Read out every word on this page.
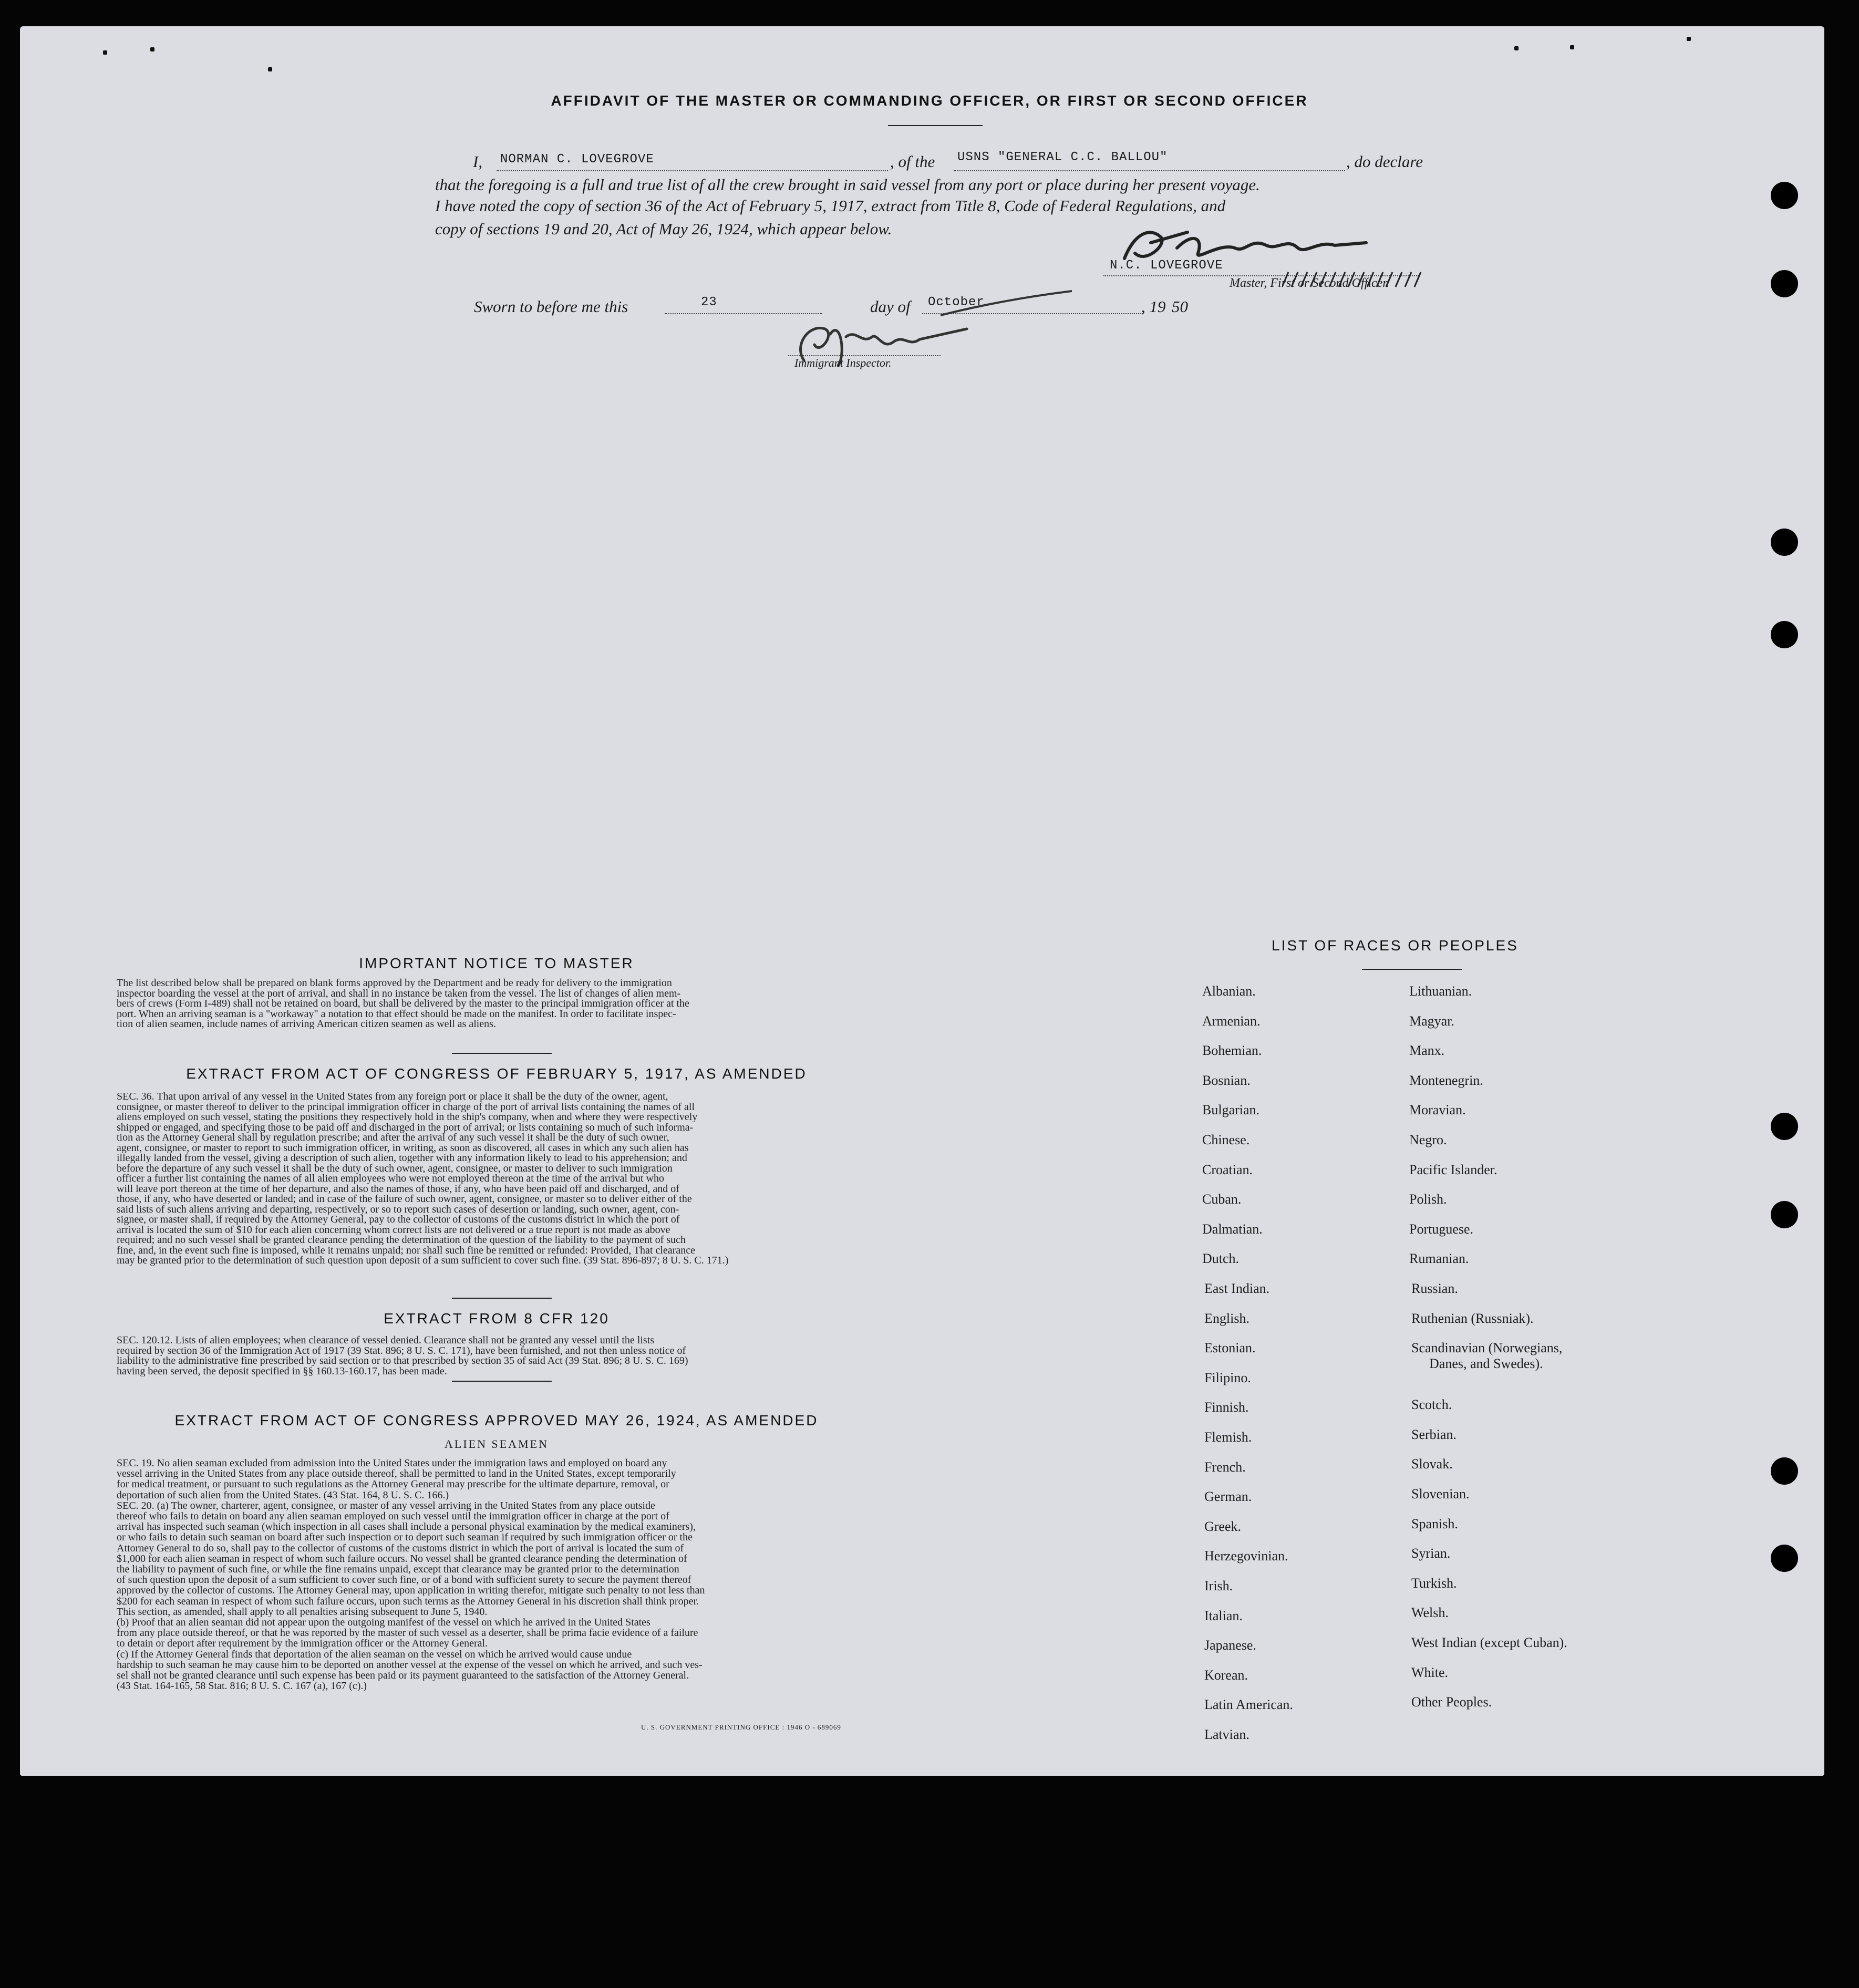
AFFIDAVIT OF THE MASTER OR COMMANDING OFFICER, OR FIRST OR SECOND OFFICER
I, NORMAN C. LOVEGROVE	, of the USNS "GENERAL C.C. BALLOU"	, do declare
that the foregoing is a full and true list of all the crew brought in said vessel from any port or place during her present voyage.
I have noted the copy of section 36 of the Act of February 5, 1917, extract from Title 8, Code of Federal Regulations, and
copy of sections 19 and 20, Act of May 26, 1924, which appear below.
N.C. LOVEGROVE
Master, First or Second Officer.
Sworn to before me this	23	day of October	, 19 50
Immigrant Inspector.
IMPORTANT NOTICE TO MASTER
The list described below shall be prepared on blank forms approved by the Department and be ready for delivery to the immigration
inspector boarding the vessel at the port of arrival, and shall in no instance be taken from the vessel. The list of changes of alien mem-
bers of crews (Form I-489) shall not be retained on board, but shall be delivered by the master to the principal immigration officer at the
port. When an arriving seaman is a "workaway" a notation to that effect should be made on the manifest. In order to facilitate inspec-
tion of alien seamen, include names of arriving American citizen seamen as well as aliens.
EXTRACT FROM ACT OF CONGRESS OF FEBRUARY 5, 1917, AS AMENDED
SEC. 36. That upon arrival of any vessel in the United States from any foreign port or place it shall be the duty of the owner, agent,
consignee, or master thereof to deliver to the principal immigration officer in charge of the port of arrival lists containing the names of all
aliens employed on such vessel, stating the positions they respectively hold in the ship's company, when and where they were respectively
shipped or engaged, and specifying those to be paid off and discharged in the port of arrival; or lists containing so much of such informa-
tion as the Attorney General shall by regulation prescribe; and after the arrival of any such vessel it shall be the duty of such owner,
agent, consignee, or master to report to such immigration officer, in writing, as soon as discovered, all cases in which any such alien has
illegally landed from the vessel, giving a description of such alien, together with any information likely to lead to his apprehension; and
before the departure of any such vessel it shall be the duty of such owner, agent, consignee, or master to deliver to such immigration
officer a further list containing the names of all alien employees who were not employed thereon at the time of the arrival but who
will leave port thereon at the time of her departure, and also the names of those, if any, who have been paid off and discharged, and of
those, if any, who have deserted or landed; and in case of the failure of such owner, agent, consignee, or master so to deliver either of the
said lists of such aliens arriving and departing, respectively, or so to report such cases of desertion or landing, such owner, agent, con-
signee, or master shall, if required by the Attorney General, pay to the collector of customs of the customs district in which the port of
arrival is located the sum of $10 for each alien concerning whom correct lists are not delivered or a true report is not made as above
required; and no such vessel shall be granted clearance pending the determination of the question of the liability to the payment of such
fine, and, in the event such fine is imposed, while it remains unpaid; nor shall such fine be remitted or refunded: Provided, That clearance
may be granted prior to the determination of such question upon deposit of a sum sufficient to cover such fine. (39 Stat. 896-897; 8 U. S. C. 171.)
EXTRACT FROM 8 CFR 120
SEC. 120.12. Lists of alien employees; when clearance of vessel denied. Clearance shall not be granted any vessel until the lists
required by section 36 of the Immigration Act of 1917 (39 Stat. 896; 8 U. S. C. 171), have been furnished, and not then unless notice of
liability to the administrative fine prescribed by said section or to that prescribed by section 35 of said Act (39 Stat. 896; 8 U. S. C. 169)
having been served, the deposit specified in §§ 160.13-160.17, has been made.
EXTRACT FROM ACT OF CONGRESS APPROVED MAY 26, 1924, AS AMENDED
ALIEN SEAMEN
SEC. 19. No alien seaman excluded from admission into the United States under the immigration laws and employed on board any
vessel arriving in the United States from any place outside thereof, shall be permitted to land in the United States, except temporarily
for medical treatment, or pursuant to such regulations as the Attorney General may prescribe for the ultimate departure, removal, or
deportation of such alien from the United States. (43 Stat. 164, 8 U. S. C. 166.)
SEC. 20. (a) The owner, charterer, agent, consignee, or master of any vessel arriving in the United States from any place outside
thereof who fails to detain on board any alien seaman employed on such vessel until the immigration officer in charge at the port of
arrival has inspected such seaman (which inspection in all cases shall include a personal physical examination by the medical examiners),
or who fails to detain such seaman on board after such inspection or to deport such seaman if required by such immigration officer or the
Attorney General to do so, shall pay to the collector of customs of the customs district in which the port of arrival is located the sum of
$1,000 for each alien seaman in respect of whom such failure occurs. No vessel shall be granted clearance pending the determination of
the liability to payment of such fine, or while the fine remains unpaid, except that clearance may be granted prior to the determination
of such question upon the deposit of a sum sufficient to cover such fine, or of a bond with sufficient surety to secure the payment thereof
approved by the collector of customs. The Attorney General may, upon application in writing therefor, mitigate such penalty to not less than
$200 for each seaman in respect of whom such failure occurs, upon such terms as the Attorney General in his discretion shall think proper.
This section, as amended, shall apply to all penalties arising subsequent to June 5, 1940.
(b) Proof that an alien seaman did not appear upon the outgoing manifest of the vessel on which he arrived in the United States
from any place outside thereof, or that he was reported by the master of such vessel as a deserter, shall be prima facie evidence of a failure
to detain or deport after requirement by the immigration officer or the Attorney General.
(c) If the Attorney General finds that deportation of the alien seaman on the vessel on which he arrived would cause undue
hardship to such seaman he may cause him to be deported on another vessel at the expense of the vessel on which he arrived, and such ves-
sel shall not be granted clearance until such expense has been paid or its payment guaranteed to the satisfaction of the Attorney General.
(43 Stat. 164-165, 58 Stat. 816; 8 U. S. C. 167 (a), 167 (c).)
U. S. GOVERNMENT PRINTING OFFICE : 1946 O - 689069
LIST OF RACES OR PEOPLES
Albanian.
Armenian.
Bohemian.
Bosnian.
Bulgarian.
Chinese.
Croatian.
Cuban.
Dalmatian.
Dutch.
East Indian.
English.
Estonian.
Filipino.
Finnish.
Flemish.
French.
German.
Greek.
Herzegovinian.
Irish.
Italian.
Japanese.
Korean.
Latin American.
Latvian.
Lithuanian.
Magyar.
Manx.
Montenegrin.
Moravian.
Negro.
Pacific Islander.
Polish.
Portuguese.
Rumanian.
Russian.
Ruthenian (Russniak).
Scandinavian (Norwegians,
Danes, and Swedes).
Scotch.
Serbian.
Slovak.
Slovenian.
Spanish.
Syrian.
Turkish.
Welsh.
West Indian (except Cuban).
White.
Other Peoples.
